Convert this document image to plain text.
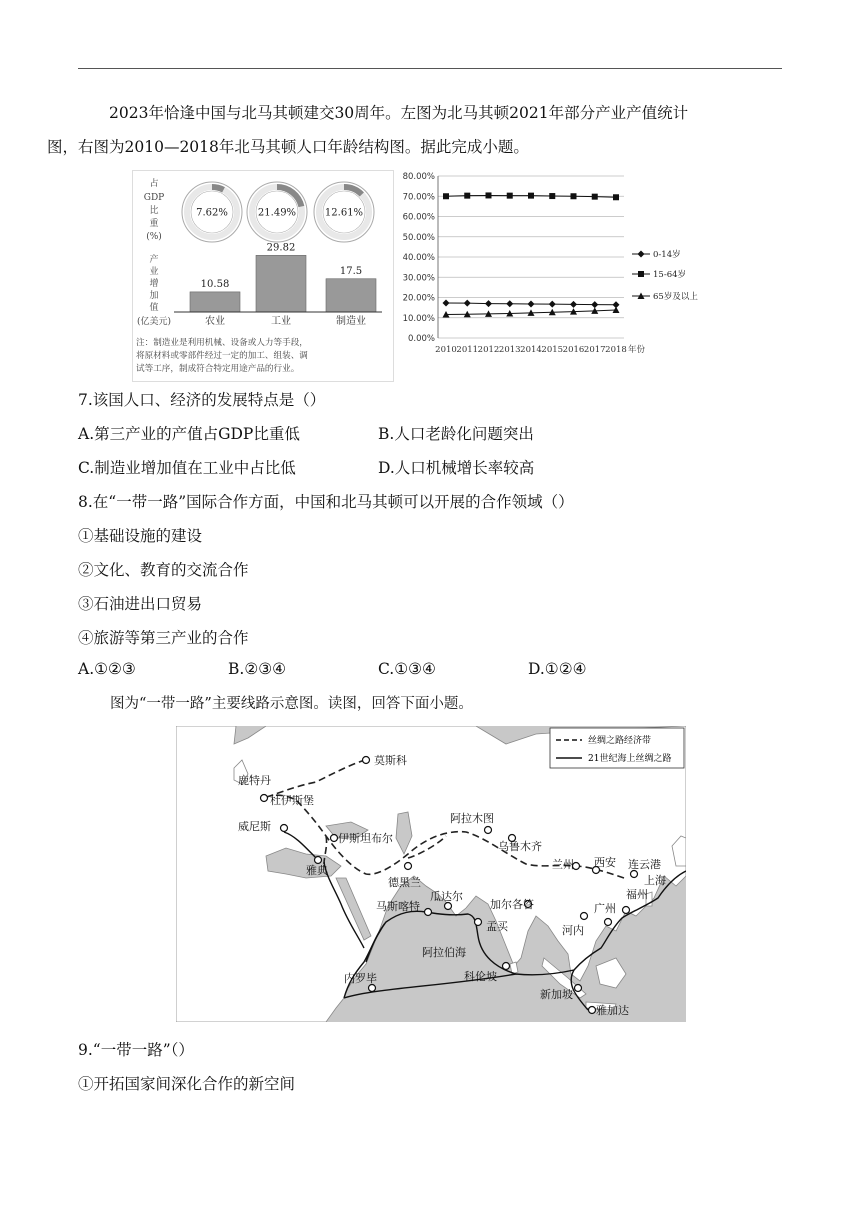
2023年恰逢中国与北马其顿建交30周年。左图为北马其顿2021年部分产业产值统计
图，右图为2010—2018年北马其顿人口年龄结构图。据此完成小题。
占
GDP
比
重
(%)
产
业
增
加
值
(亿美元)
7.62%	21.49%	12.61%
10.58
农业
29.82
工业
17.5
制造业
注：制造业是利用机械、设备或人力等手段，
将原材料或零部件经过一定的加工、组装、调
试等工序，制成符合特定用途产品的行业。
0.00%
10.00%
20.00%
30.00%
40.00%
50.00%
60.00%
70.00%
80.00%
2010 2011 2012 2013 2014 2015 2016 2017 2018 年份
0-14岁
15-64岁
65岁及以上
7.该国人口、经济的发展特点是（）
A.第三产业的产值占GDP比重低	B.人口老龄化问题突出
C.制造业增加值在工业中占比低	D.人口机械增长率较高
8.在“一带一路”国际合作方面，中国和北马其顿可以开展的合作领域（）
①基础设施的建设
②文化、教育的交流合作
③石油进出口贸易
④旅游等第三产业的合作
A.①②③	B.②③④	C.①③④	D.①②④
图为“一带一路”主要线路示意图。读图，回答下面小题。
莫斯科
鹿特丹
杜伊斯堡
威尼斯
伊斯坦布尔
雅典
德黑兰
阿拉木图
乌鲁木齐
兰州 西安 连云港
上海
福州
广州
河内
马斯喀特
瓜达尔
加尔各答
孟买
阿拉伯海
科伦坡
内罗毕
新加坡
雅加达
丝绸之路经济带
21世纪海上丝绸之路
9.“一带一路”（）
①开拓国家间深化合作的新空间
